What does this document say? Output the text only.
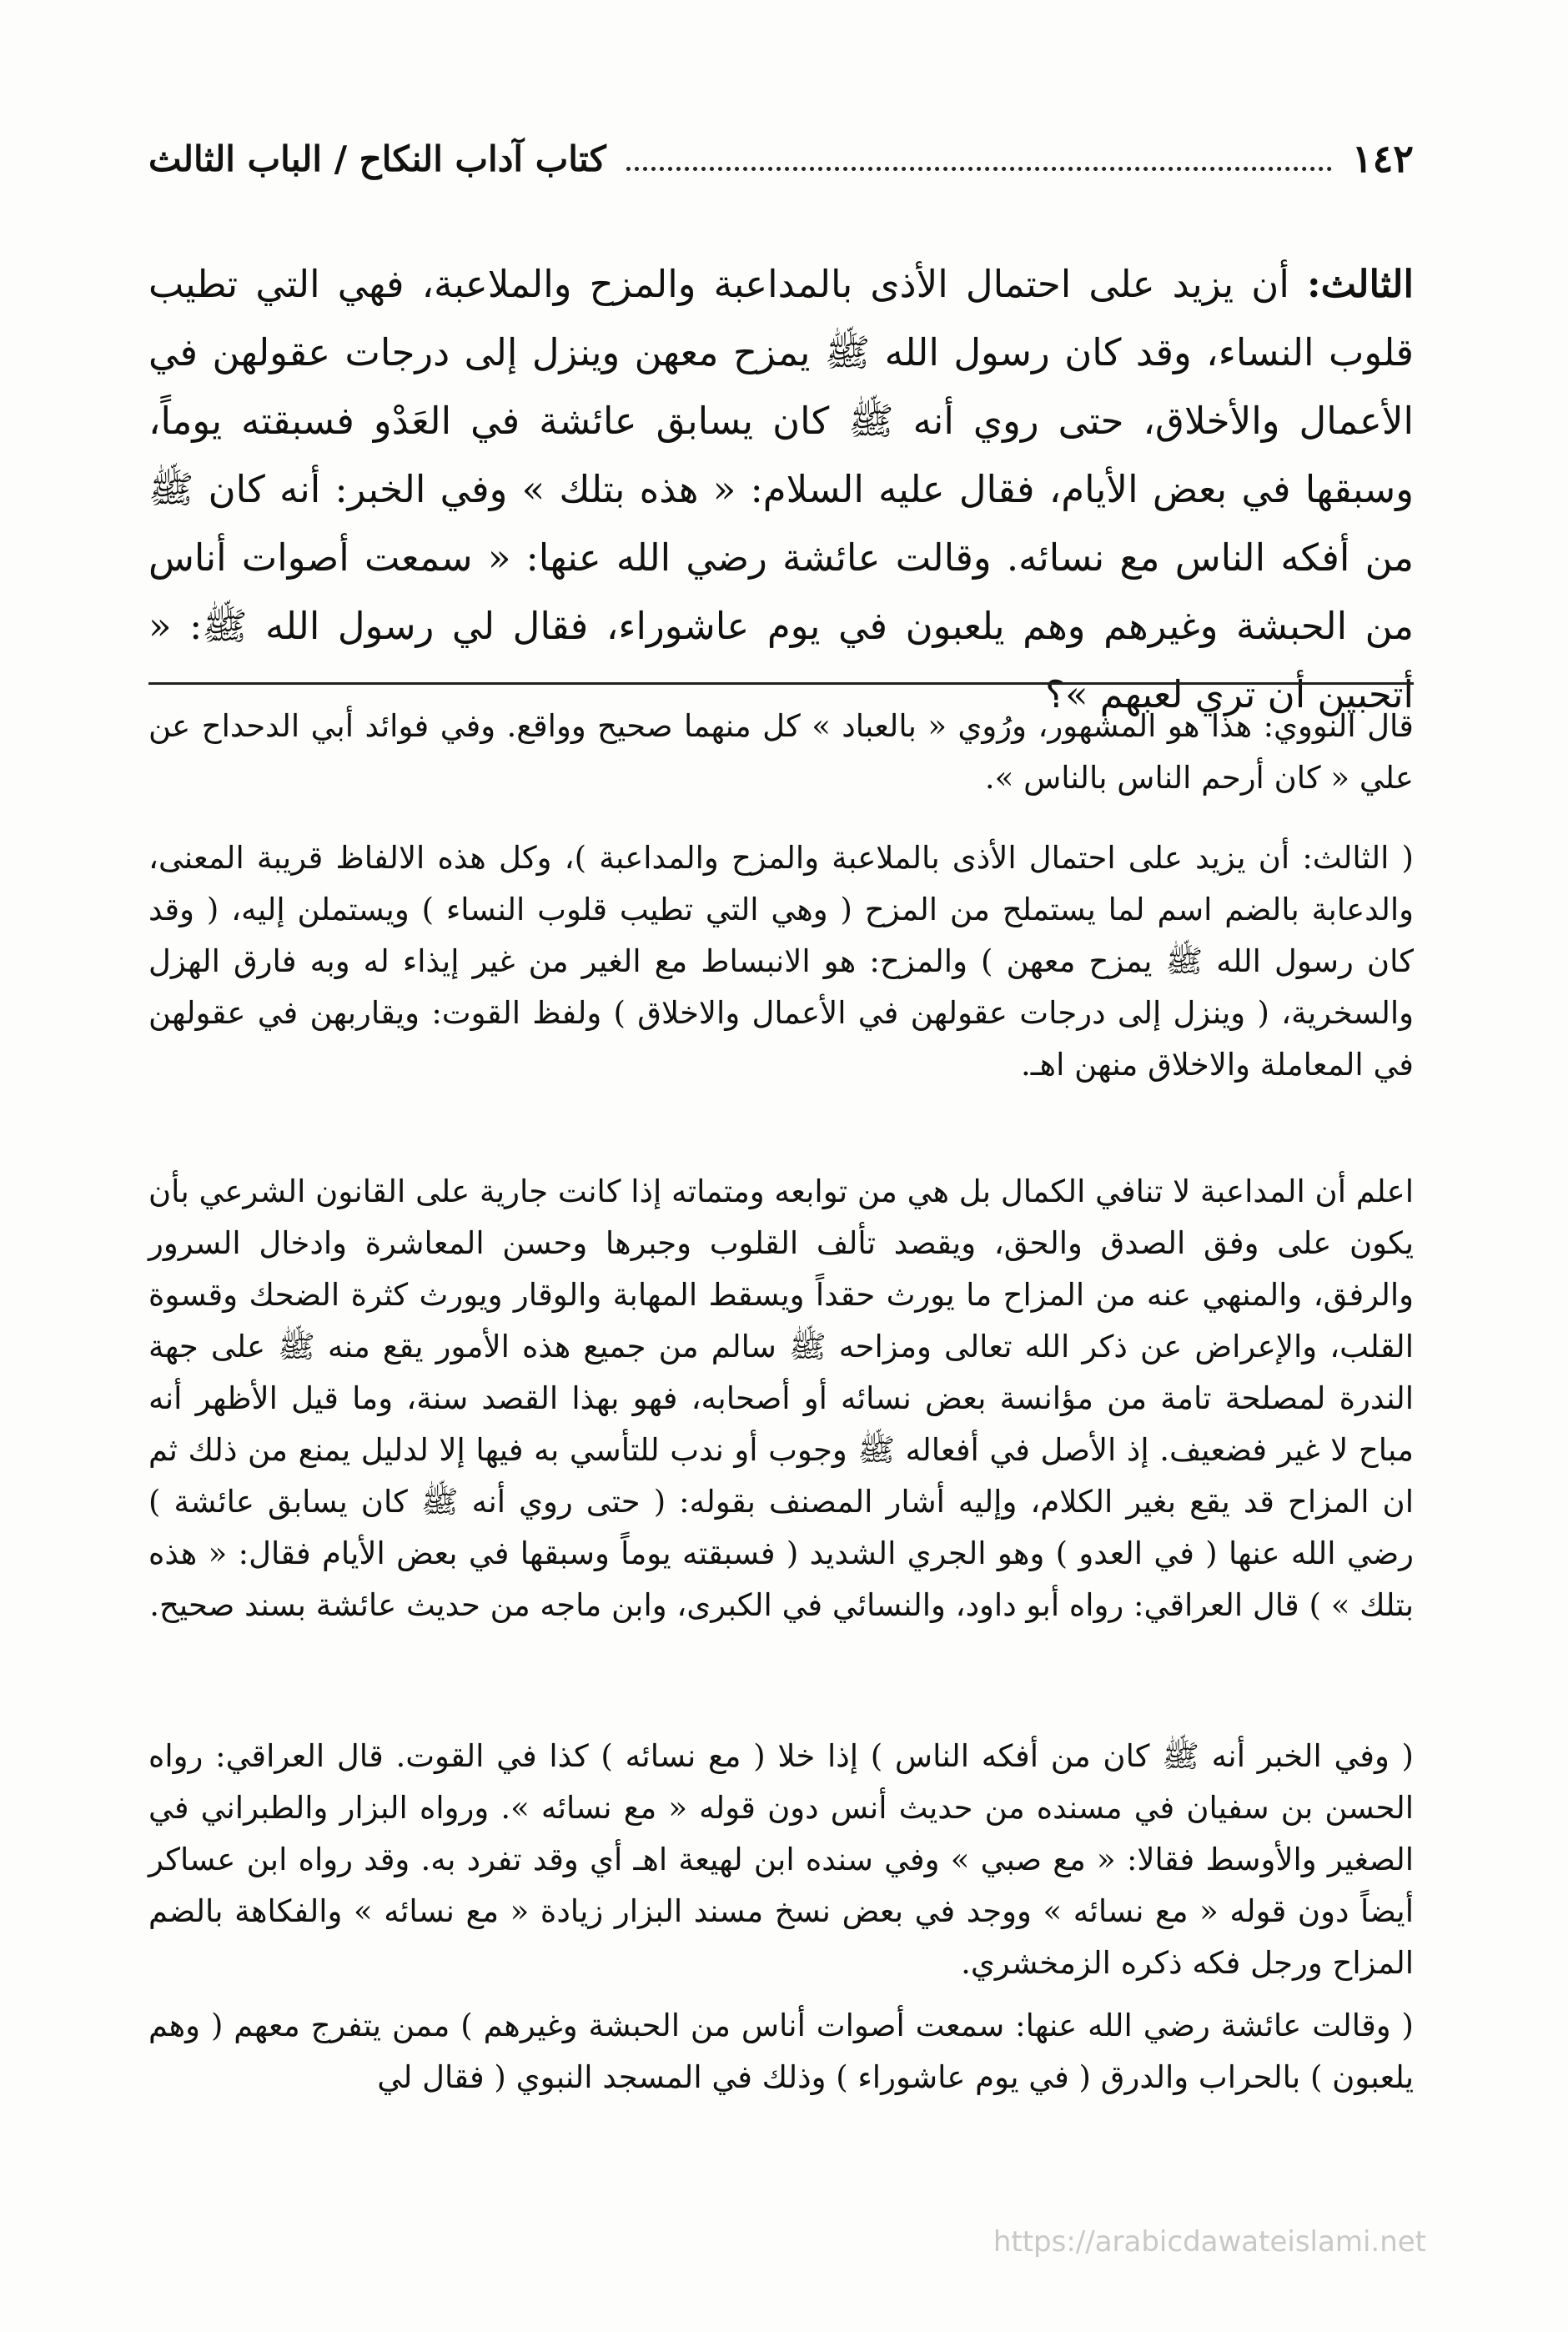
١٤٢
كتاب آداب النكاح / الباب الثالث

الثالث: أن يزيد على احتمال الأذى بالمداعبة والمزح والملاعبة، فهي التي تطيب قلوب النساء، وقد كان رسول الله ﷺ يمزح معهن وينزل إلى درجات عقولهن في الأعمال والأخلاق، حتى روي أنه ﷺ كان يسابق عائشة في العَدْو فسبقته يوماً، وسبقها في بعض الأيام، فقال عليه السلام: « هذه بتلك » وفي الخبر: أنه كان ﷺ من أفكه الناس مع نسائه. وقالت عائشة رضي الله عنها: « سمعت أصوات أناس من الحبشة وغيرهم وهم يلعبون في يوم عاشوراء، فقال لي رسول الله ﷺ: « أتحبين أن تري لعبهم »؟

قال النووي: هذا هو المشهور، ورُوي « بالعباد » كل منهما صحيح وواقع. وفي فوائد أبي الدحداح عن علي « كان أرحم الناس بالناس ».

( الثالث: أن يزيد على احتمال الأذى بالملاعبة والمزح والمداعبة )، وكل هذه الالفاظ قريبة المعنى، والدعابة بالضم اسم لما يستملح من المزح ( وهي التي تطيب قلوب النساء ) ويستملن إليه، ( وقد كان رسول الله ﷺ يمزح معهن ) والمزح: هو الانبساط مع الغير من غير إيذاء له وبه فارق الهزل والسخرية، ( وينزل إلى درجات عقولهن في الأعمال والاخلاق ) ولفظ القوت: ويقاربهن في عقولهن في المعاملة والاخلاق منهن اهـ.

اعلم أن المداعبة لا تنافي الكمال بل هي من توابعه ومتماته إذا كانت جارية على القانون الشرعي بأن يكون على وفق الصدق والحق، ويقصد تألف القلوب وجبرها وحسن المعاشرة وادخال السرور والرفق، والمنهي عنه من المزاح ما يورث حقداً ويسقط المهابة والوقار ويورث كثرة الضحك وقسوة القلب، والإعراض عن ذكر الله تعالى ومزاحه ﷺ سالم من جميع هذه الأمور يقع منه ﷺ على جهة الندرة لمصلحة تامة من مؤانسة بعض نسائه أو أصحابه، فهو بهذا القصد سنة، وما قيل الأظهر أنه مباح لا غير فضعيف. إذ الأصل في أفعاله ﷺ وجوب أو ندب للتأسي به فيها إلا لدليل يمنع من ذلك ثم ان المزاح قد يقع بغير الكلام، وإليه أشار المصنف بقوله: ( حتى روي أنه ﷺ كان يسابق عائشة ) رضي الله عنها ( في العدو ) وهو الجري الشديد ( فسبقته يوماً وسبقها في بعض الأيام فقال: « هذه بتلك » ) قال العراقي: رواه أبو داود، والنسائي في الكبرى، وابن ماجه من حديث عائشة بسند صحيح.

( وفي الخبر أنه ﷺ كان من أفكه الناس ) إذا خلا ( مع نسائه ) كذا في القوت. قال العراقي: رواه الحسن بن سفيان في مسنده من حديث أنس دون قوله « مع نسائه ». ورواه البزار والطبراني في الصغير والأوسط فقالا: « مع صبي » وفي سنده ابن لهيعة اهـ أي وقد تفرد به. وقد رواه ابن عساكر أيضاً دون قوله « مع نسائه » ووجد في بعض نسخ مسند البزار زيادة « مع نسائه » والفكاهة بالضم المزاح ورجل فكه ذكره الزمخشري.

( وقالت عائشة رضي الله عنها: سمعت أصوات أناس من الحبشة وغيرهم ) ممن يتفرج معهم ( وهم يلعبون ) بالحراب والدرق ( في يوم عاشوراء ) وذلك في المسجد النبوي ( فقال لي

https://arabicdawateislami.net
